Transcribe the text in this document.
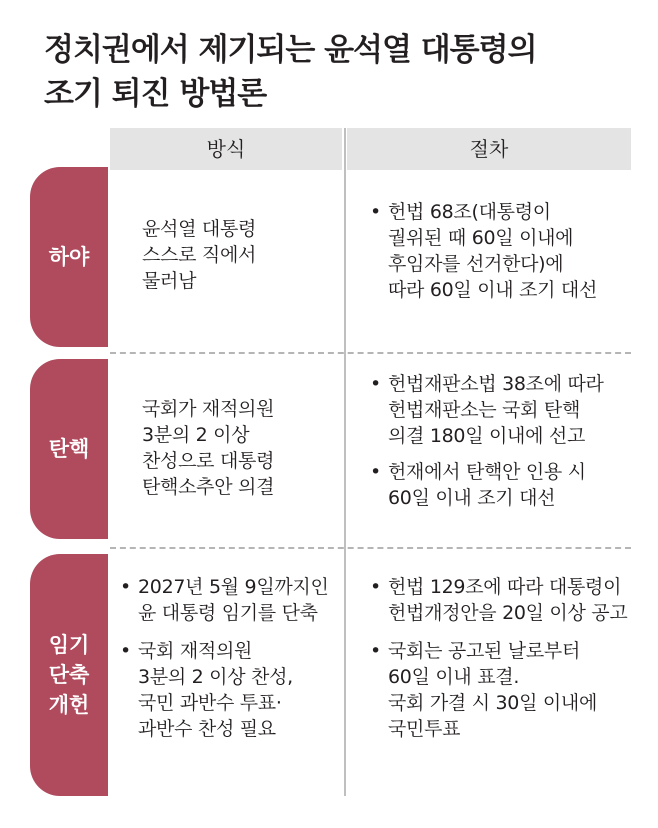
정치권에서 제기되는 윤석열 대통령의
조기 퇴진 방법론
방식	절차
하야
윤석열 대통령
스스로 직에서
물러남
• 헌법 68조(대통령이
궐위된 때 60일 이내에
후임자를 선거한다)에
따라 60일 이내 조기 대선
탄핵
국회가 재적의원
3분의 2 이상
찬성으로 대통령
탄핵소추안 의결
• 헌법재판소법 38조에 따라
헌법재판소는 국회 탄핵
의결 180일 이내에 선고
• 헌재에서 탄핵안 인용 시
60일 이내 조기 대선
임기
단축
개헌
• 2027년 5월 9일까지인
윤 대통령 임기를 단축
• 국회 재적의원
3분의 2 이상 찬성,
국민 과반수 투표·
과반수 찬성 필요
• 헌법 129조에 따라 대통령이
헌법개정안을 20일 이상 공고
• 국회는 공고된 날로부터
60일 이내 표결.
국회 가결 시 30일 이내에
국민투표
